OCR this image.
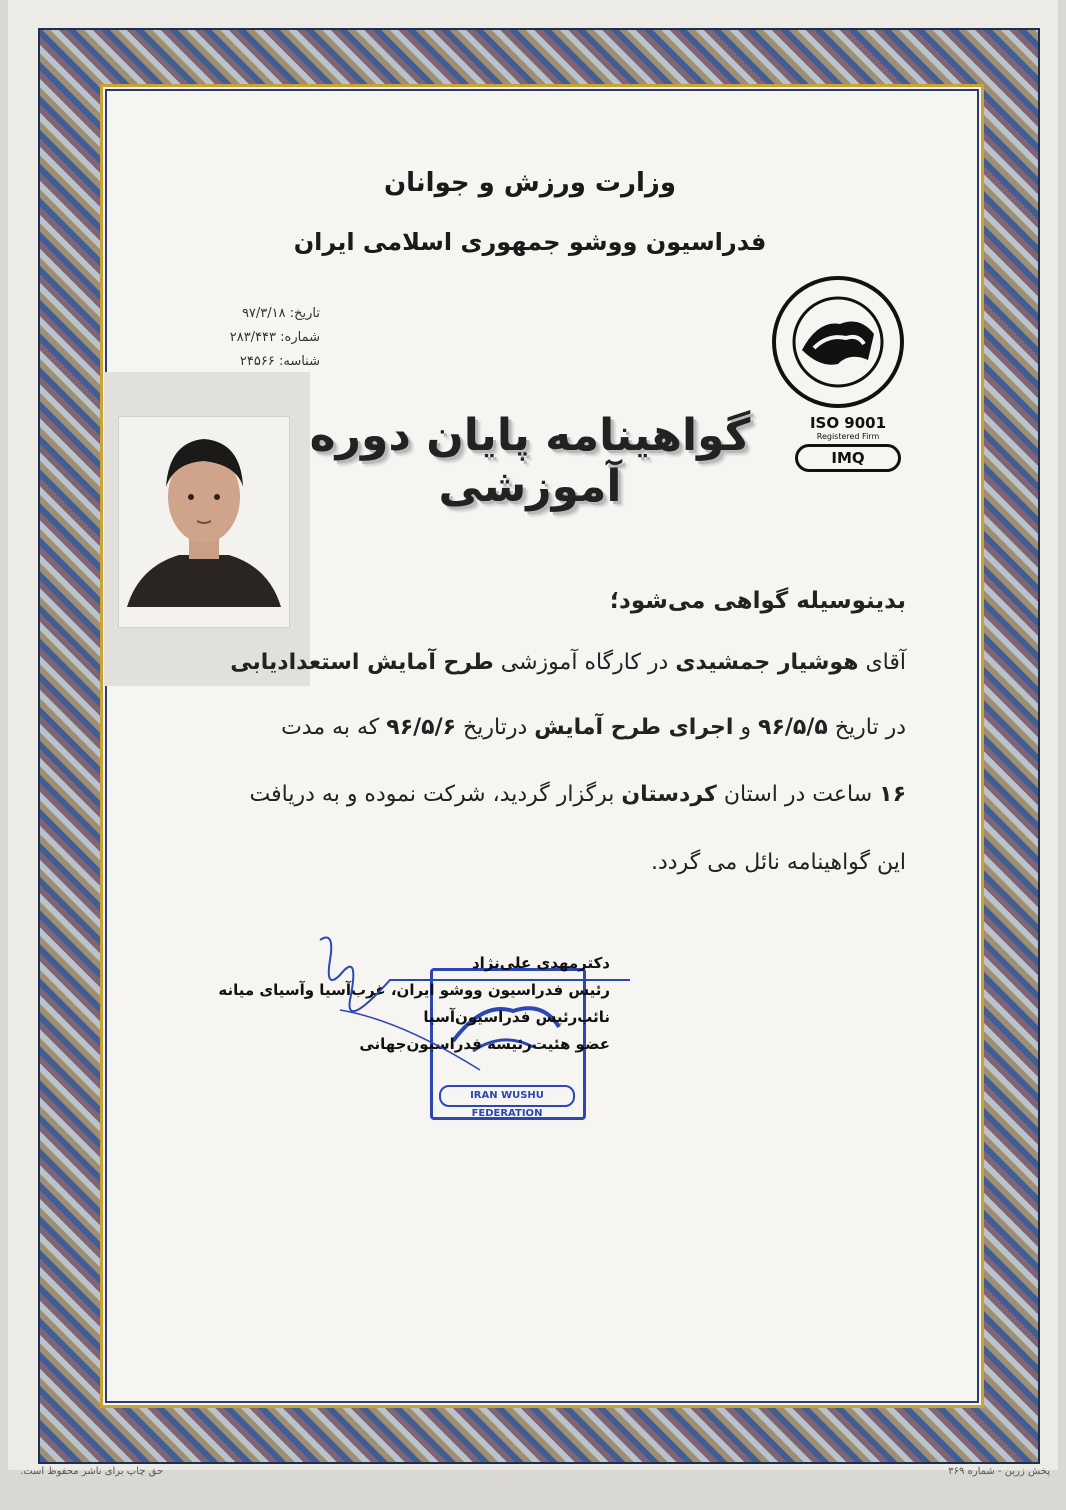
وزارت ورزش و جوانان
فدراسیون ووشو جمهوری اسلامی ایران
تاریخ: ۹۷/۳/۱۸
شماره: ۲۸۳/۴۴۳
شناسه: ۲۴۵۶۶
گواهینامه پایان دوره آموزشی
ISO 9001
Registered Firm
IMQ
بدینوسیله گواهی می‌شود؛
آقای هوشیار جمشیدی در کارگاه آموزشی طرح آمایش استعدادیابی
در تاریخ ۹۶/۵/۵ و اجرای طرح آمایش درتاریخ ۹۶/۵/۶ که به مدت
۱۶ ساعت در استان کردستان برگزار گردید، شرکت نموده و به دریافت
این گواهینامه نائل می گردد.
IRAN WUSHU FEDERATION
دکترمهدی علی‌نژاد
رئیس فدراسیون ووشو ایران، غرب‌آسیا وآسیای میانه
نائب‌رئیس فدراسیون‌آسیا
عضو هئیت‌رئیسه فدراسیون‌جهانی
پخش زرین - شماره ۳۶۹
حق چاپ برای ناشر محفوظ است.
